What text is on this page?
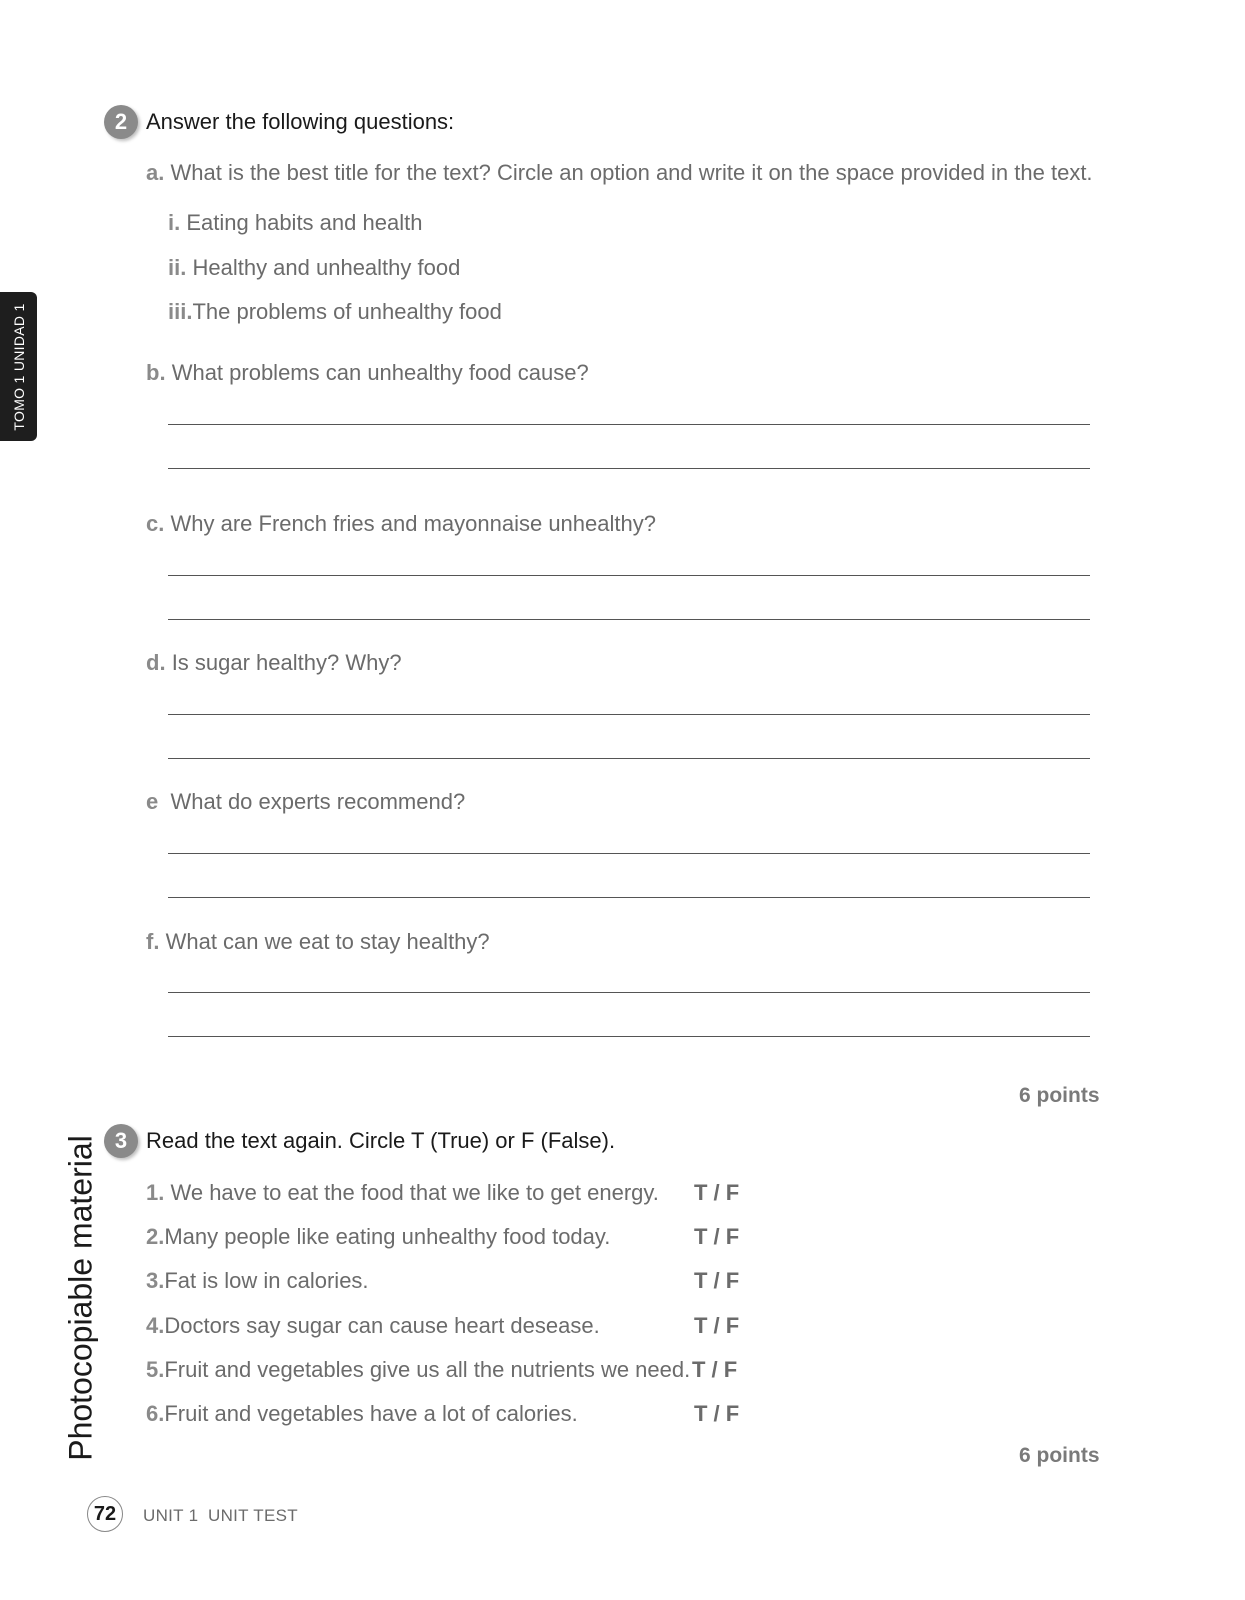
TOMO 1 UNIDAD 1
2 Answer the following questions:
a. What is the best title for the text? Circle an option and write it on the space provided in the text.
i. Eating habits and health
ii. Healthy and unhealthy food
iii.The problems of unhealthy food
b. What problems can unhealthy food cause?
c. Why are French fries and mayonnaise unhealthy?
d. Is sugar healthy? Why?
e What do experts recommend?
f. What can we eat to stay healthy?
6 points
3 Read the text again. Circle T (True) or F (False).
1. We have to eat the food that we like to get energy. T / F
2.Many people like eating unhealthy food today.	T / F
3.Fat is low in calories.	T / F
4.Doctors say sugar can cause heart desease.	T / F
5.Fruit and vegetables give us all the nutrients we need. T / F
6.Fruit and vegetables have a lot of calories.	T / F
6 points
Photocopiable material
72	UNIT 1 UNIT TEST
